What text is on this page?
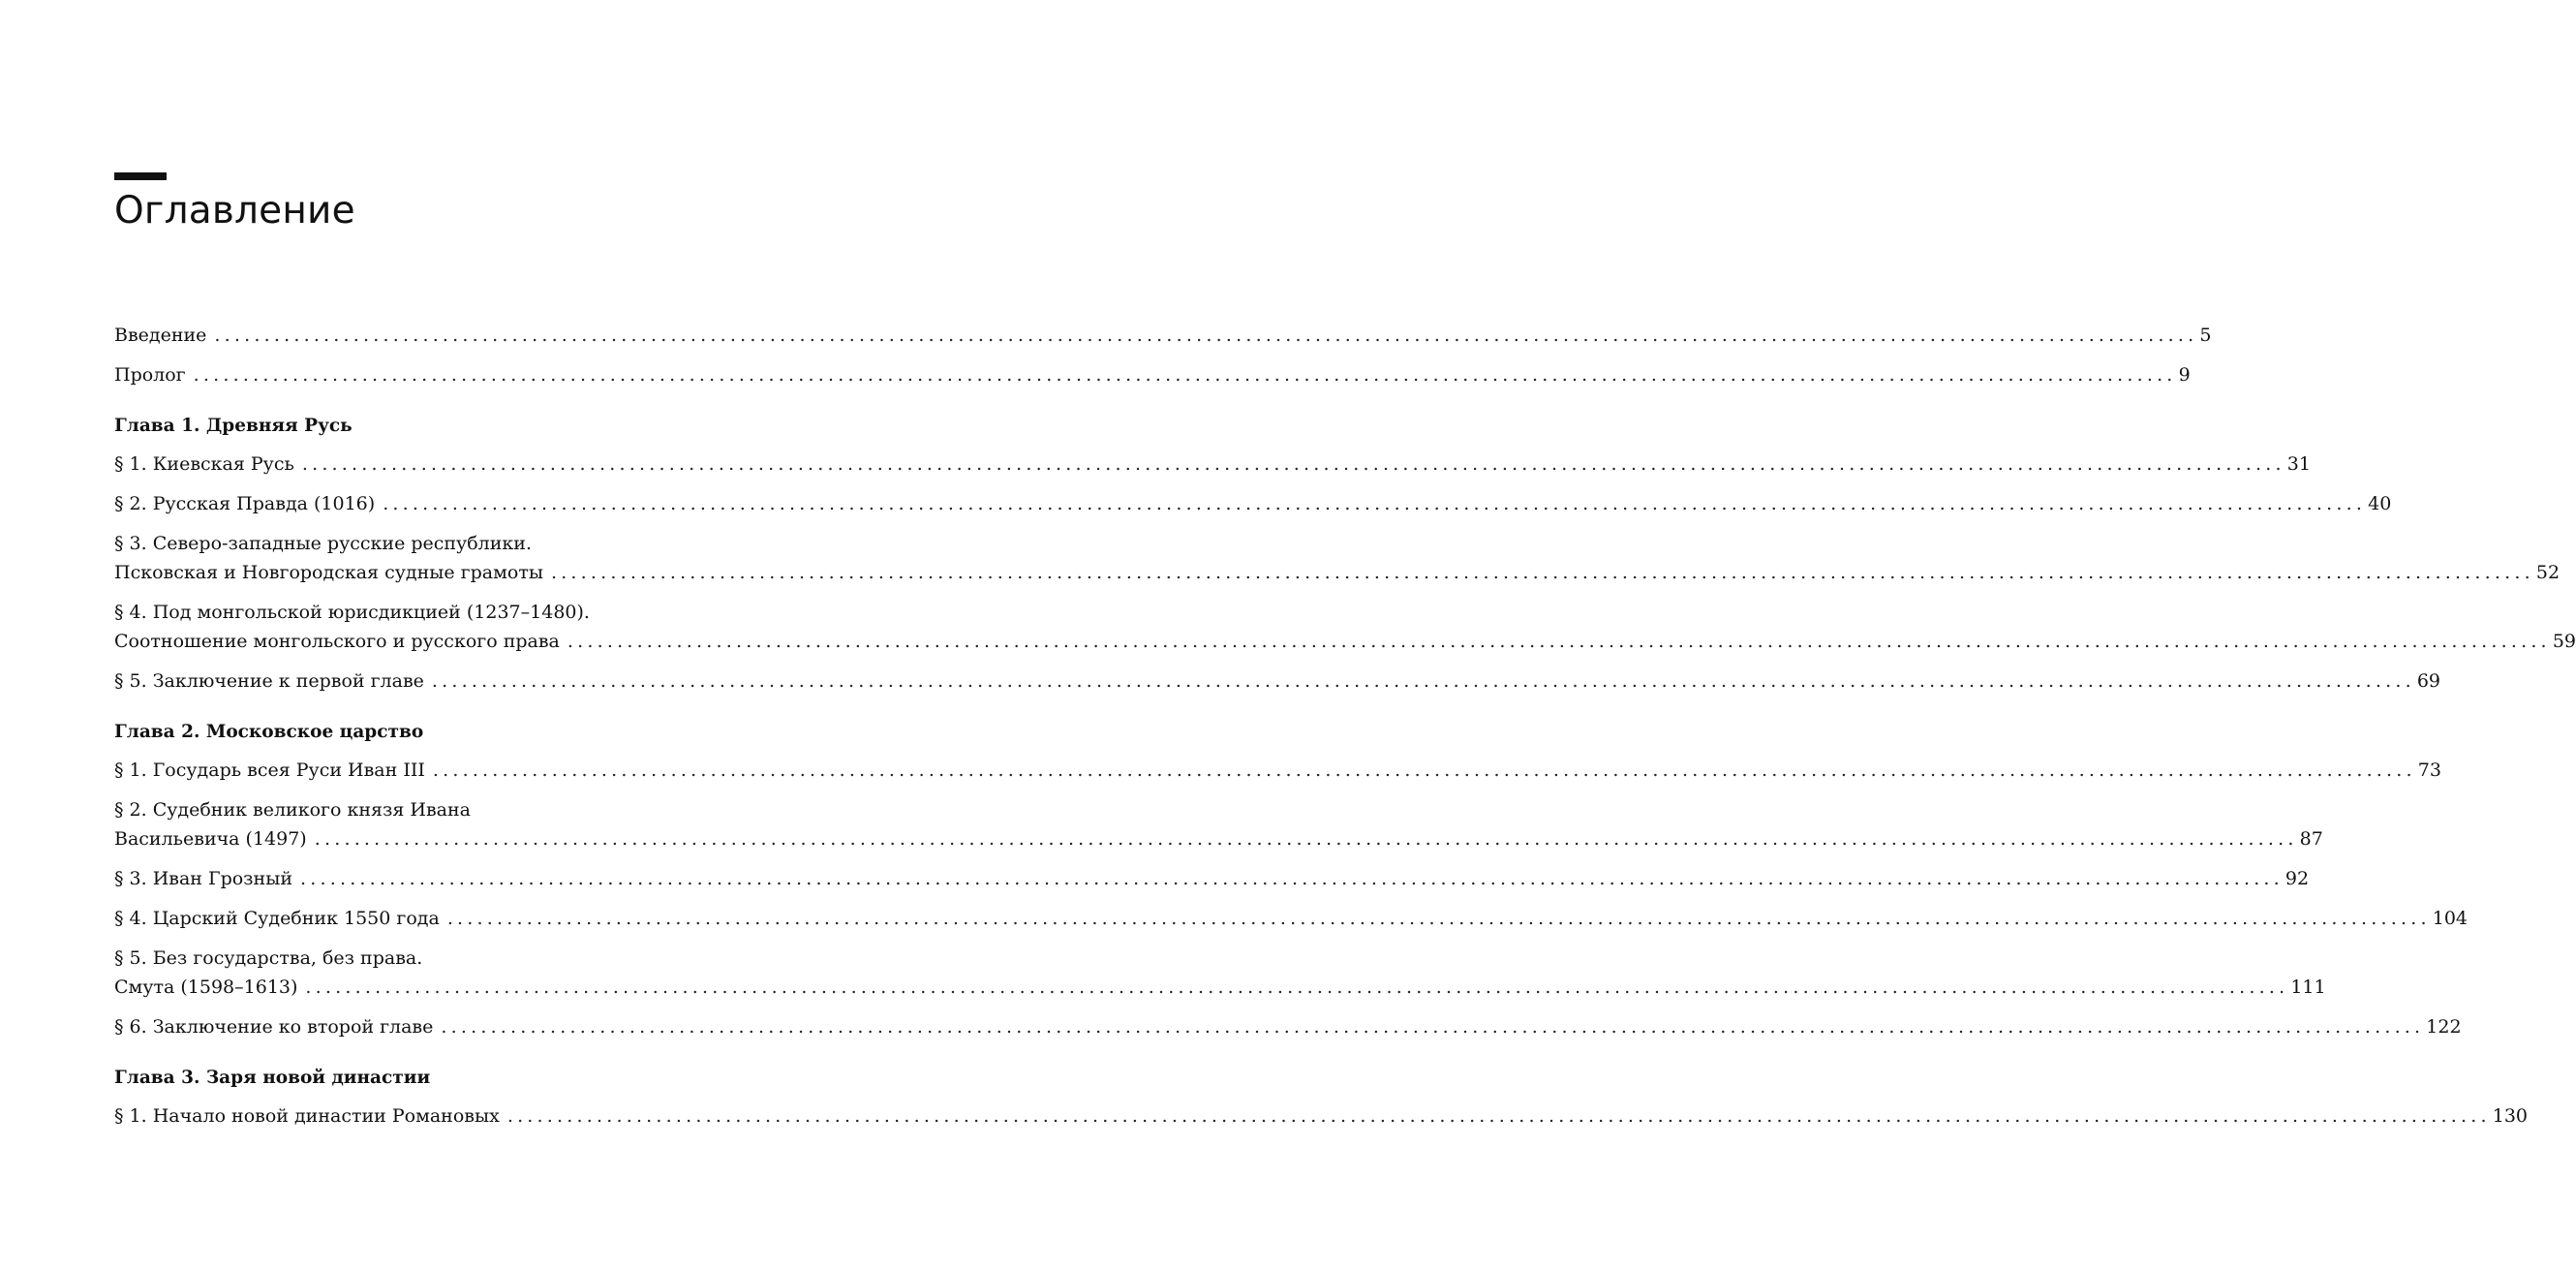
Оглавление
Введение ........................................................................................................................................................................................................ 5
Пролог ........................................................................................................................................................................................................ 9
Глава 1. Древняя Русь
§ 1. Киевская Русь ........................................................................................................................................................................................................ 31
§ 2. Русская Правда (1016) ........................................................................................................................................................................................................ 40
§ 3. Северо-западные русские республики.
Псковская и Новгородская судные грамоты ........................................................................................................................................................................................................ 52
§ 4. Под монгольской юрисдикцией (1237–1480).
Соотношение монгольского и русского права ........................................................................................................................................................................................................ 59
§ 5. Заключение к первой главе ........................................................................................................................................................................................................ 69
Глава 2. Московское царство
§ 1. Государь всея Руси Иван III ........................................................................................................................................................................................................ 73
§ 2. Судебник великого князя Ивана
Васильевича (1497) ........................................................................................................................................................................................................ 87
§ 3. Иван Грозный ........................................................................................................................................................................................................ 92
§ 4. Царский Судебник 1550 года ........................................................................................................................................................................................................ 104
§ 5. Без государства, без права.
Смута (1598–1613) ........................................................................................................................................................................................................ 111
§ 6. Заключение ко второй главе ........................................................................................................................................................................................................ 122
Глава 3. Заря новой династии
§ 1. Начало новой династии Романовых ........................................................................................................................................................................................................ 130
